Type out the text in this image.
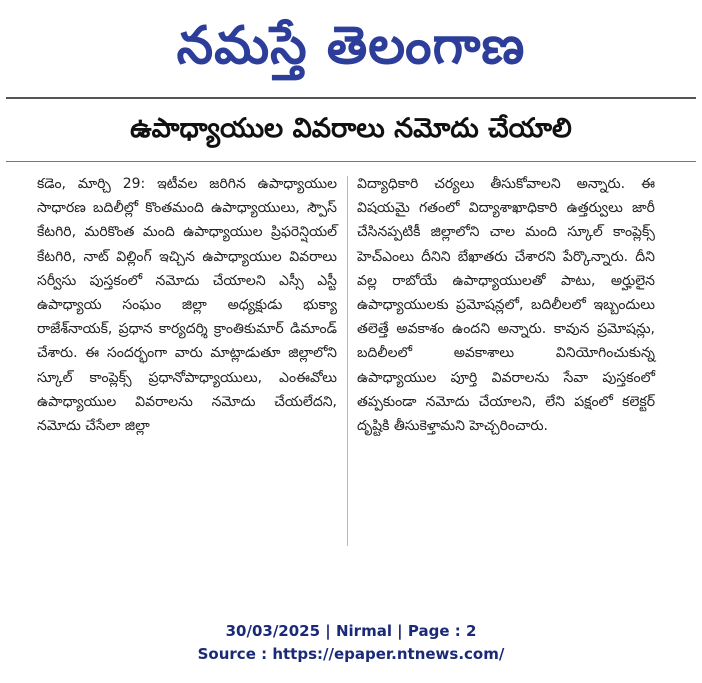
నమస్తే తెలంగాణ
ఉపాధ్యాయుల వివరాలు నమోదు చేయాలి
కడెం, మార్చి 29: ఇటీవల జరిగిన ఉపాధ్యాయుల సాధారణ బదిలీల్లో కొంతమంది ఉపాధ్యాయులు, స్పౌస్ కేటగిరి, మరికొంత మంది ఉపాధ్యాయుల ప్రిఫరెన్షియల్ కేటగిరి, నాట్ విల్లింగ్ ఇచ్చిన ఉపాధ్యాయుల వివరాలు సర్వీసు పుస్తకంలో నమోదు చేయాలని ఎస్సీ ఎస్టీ ఉపాధ్యాయ సంఘం జిల్లా అధ్యక్షుడు భుక్యా రాజేశ్‌నాయక్, ప్రధాన కార్యదర్శి క్రాంతికుమార్ డిమాండ్ చేశారు. ఈ సందర్భంగా వారు మాట్లాడుతూ జిల్లాలోని స్కూల్ కాంప్లెక్స్ ప్రధానోపాధ్యాయులు, ఎంఈవోలు ఉపాధ్యాయుల వివరాలను నమోదు చేయలేదని, నమోదు చేసేలా జిల్లా
విద్యాధికారి చర్యలు తీసుకోవాలని అన్నారు. ఈ విషయమై గతంలో విద్యాశాఖాధికారి ఉత్తర్వులు జారీ చేసినప్పటికీ జిల్లాలోని చాల మంది స్కూల్ కాంప్లెక్స్ హెచ్‌ఎంలు దీనిని బేఖాతరు చేశారని పేర్కొన్నారు. దీని వల్ల రాబోయే ఉపాధ్యాయులతో పాటు, అర్హులైన ఉపాధ్యాయులకు ప్రమోషన్లలో, బదిలీలలో ఇబ్బందులు తలెత్తే అవకాశం ఉందని అన్నారు. కావున ప్రమోషన్లు, బదిలీలలో అవకాశాలు వినియోగించుకున్న ఉపాధ్యాయుల పూర్తి వివరాలను సేవా పుస్తకంలో తప్పకుండా నమోదు చేయాలని, లేని పక్షంలో కలెక్టర్ దృష్టికి తీసుకెళ్తామని హెచ్చరించారు.
30/03/2025 | Nirmal | Page : 2
Source : https://epaper.ntnews.com/
